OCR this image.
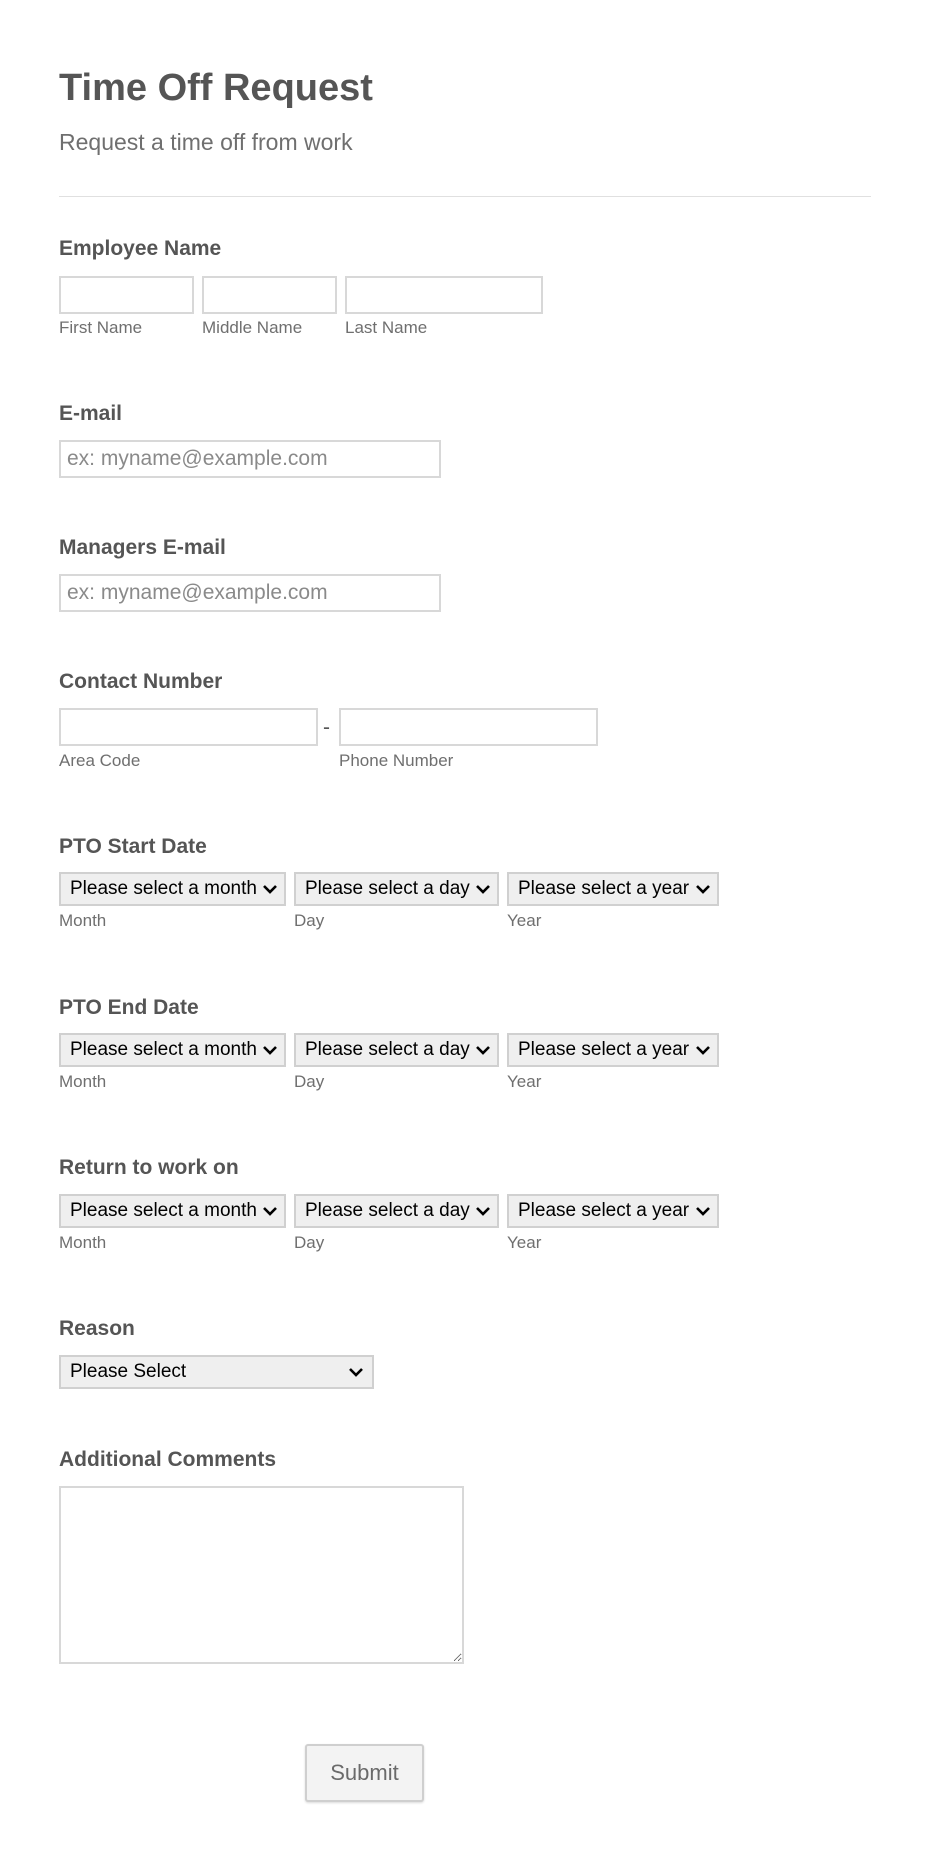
Time Off Request
Request a time off from work
Employee Name
First Name	Middle Name	Last Name
E-mail
ex: myname@example.com
Managers E-mail
ex: myname@example.com
Contact Number
-
Area Code	Phone Number
PTO Start Date
Please select a month	Please select a day	Please select a year
Month	Day	Year
PTO End Date
Please select a month	Please select a day	Please select a year
Month	Day	Year
Return to work on
Please select a month	Please select a day	Please select a year
Month	Day	Year
Reason
Please Select
Additional Comments
Submit
